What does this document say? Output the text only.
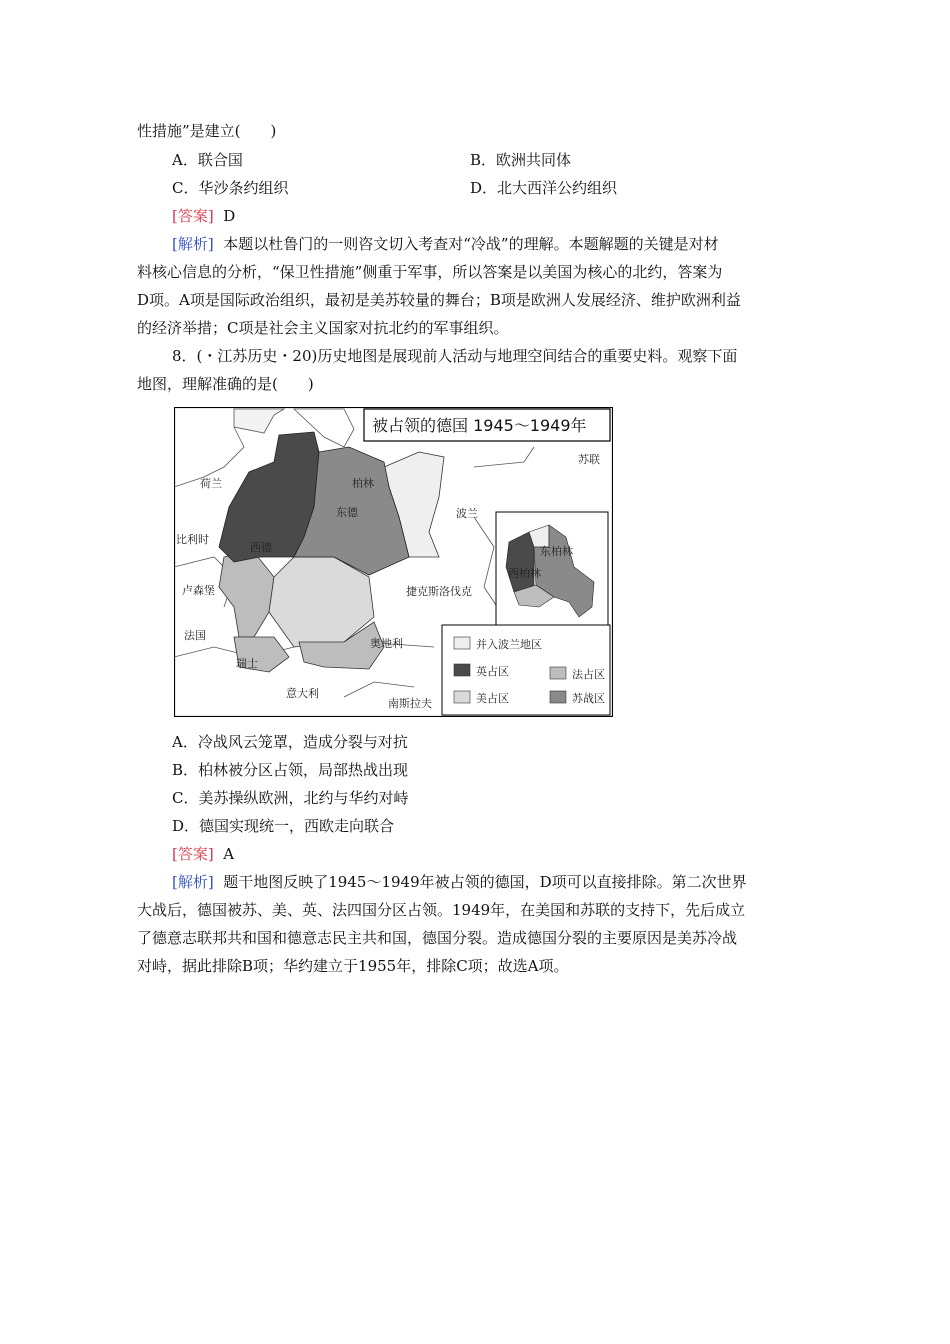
性措施”是建立(　　)
A．联合国	B．欧洲共同体
C．华沙条约组织	D．北大西洋公约组织
[答案] D
[解析] 本题以杜鲁门的一则咨文切入考查对“冷战”的理解。本题解题的关键是对材
料核心信息的分析，“保卫性措施”侧重于军事，所以答案是以美国为核心的北约，答案为
D项。A项是国际政治组织，最初是美苏较量的舞台；B项是欧洲人发展经济、维护欧洲利益
的经济举措；C项是社会主义国家对抗北约的军事组织。
8．(・江苏历史・20)历史地图是展现前人活动与地理空间结合的重要史料。观察下面
地图，理解准确的是(　　)
被占领的德国 1945～1949年
苏联
荷兰	柏林
东德	波兰
比利时
西德
卢森堡	捷克斯洛伐克
法国
奥地利
瑞士
意大利
南斯拉夫
东柏林
西柏林
并入波兰地区
英占区	法占区
美占区	苏战区
A．冷战风云笼罩，造成分裂与对抗
B．柏林被分区占领，局部热战出现
C．美苏操纵欧洲，北约与华约对峙
D．德国实现统一，西欧走向联合
[答案] A
[解析] 题干地图反映了1945～1949年被占领的德国，D项可以直接排除。第二次世界
大战后，德国被苏、美、英、法四国分区占领。1949年，在美国和苏联的支持下，先后成立
了德意志联邦共和国和德意志民主共和国，德国分裂。造成德国分裂的主要原因是美苏冷战
对峙，据此排除B项；华约建立于1955年，排除C项；故选A项。
